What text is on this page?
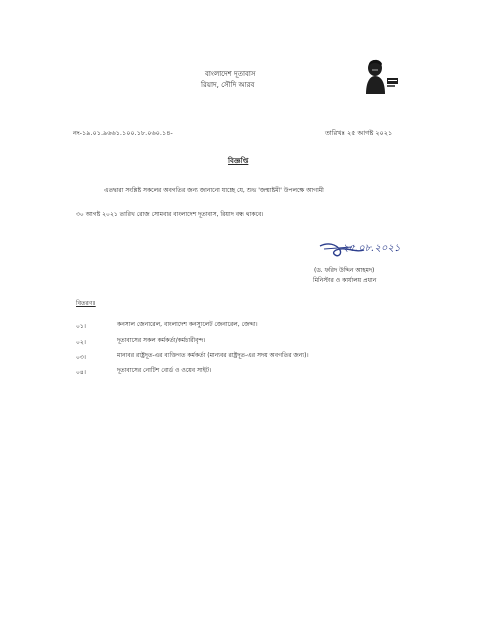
বাংলাদেশ দূতাবাস
রিয়াদ, সৌদি আরব
নং-১৯.০১.৯৬৬১.১০০.১৮.০৬০.১৪-	তারিখঃ ২৫ আগষ্ট ২০২১
বিজ্ঞপ্তি
এতদ্বারা সংশ্লিষ্ট সকলের অবগতির জন্য জানানো যাচ্ছে যে, শুভ 'জন্মাষ্টমী' উপলক্ষে আগামী
৩০ আগষ্ট ২০২১ তারিখ রোজ সোমবার বাংলাদেশ দূতাবাস, রিয়াদ বন্ধ থাকবে।
২৫.০৮.২০২১
(ড. ফরিদ উদ্দিন আহমদ)
মিনিস্টার ও কার্যালয় প্রধান
বিতরণঃ
০১।	কনসাল জেনারেল, বাংলাদেশ কনস্যুলেট জেনারেল, জেদ্দা।
০২।	দূতাবাসের সকল কর্মকর্তা/কর্মচারীবৃন্দ।
০৩।	মান্যবর রাষ্ট্রদূত-এর ব্যক্তিগত কর্মকর্তা (মান্যবর রাষ্ট্রদূত-এর সদয় অবগতির জন্য)।
০৪।	দূতাবাসের নোটিশ বোর্ড ও ওয়েব সাইট।
